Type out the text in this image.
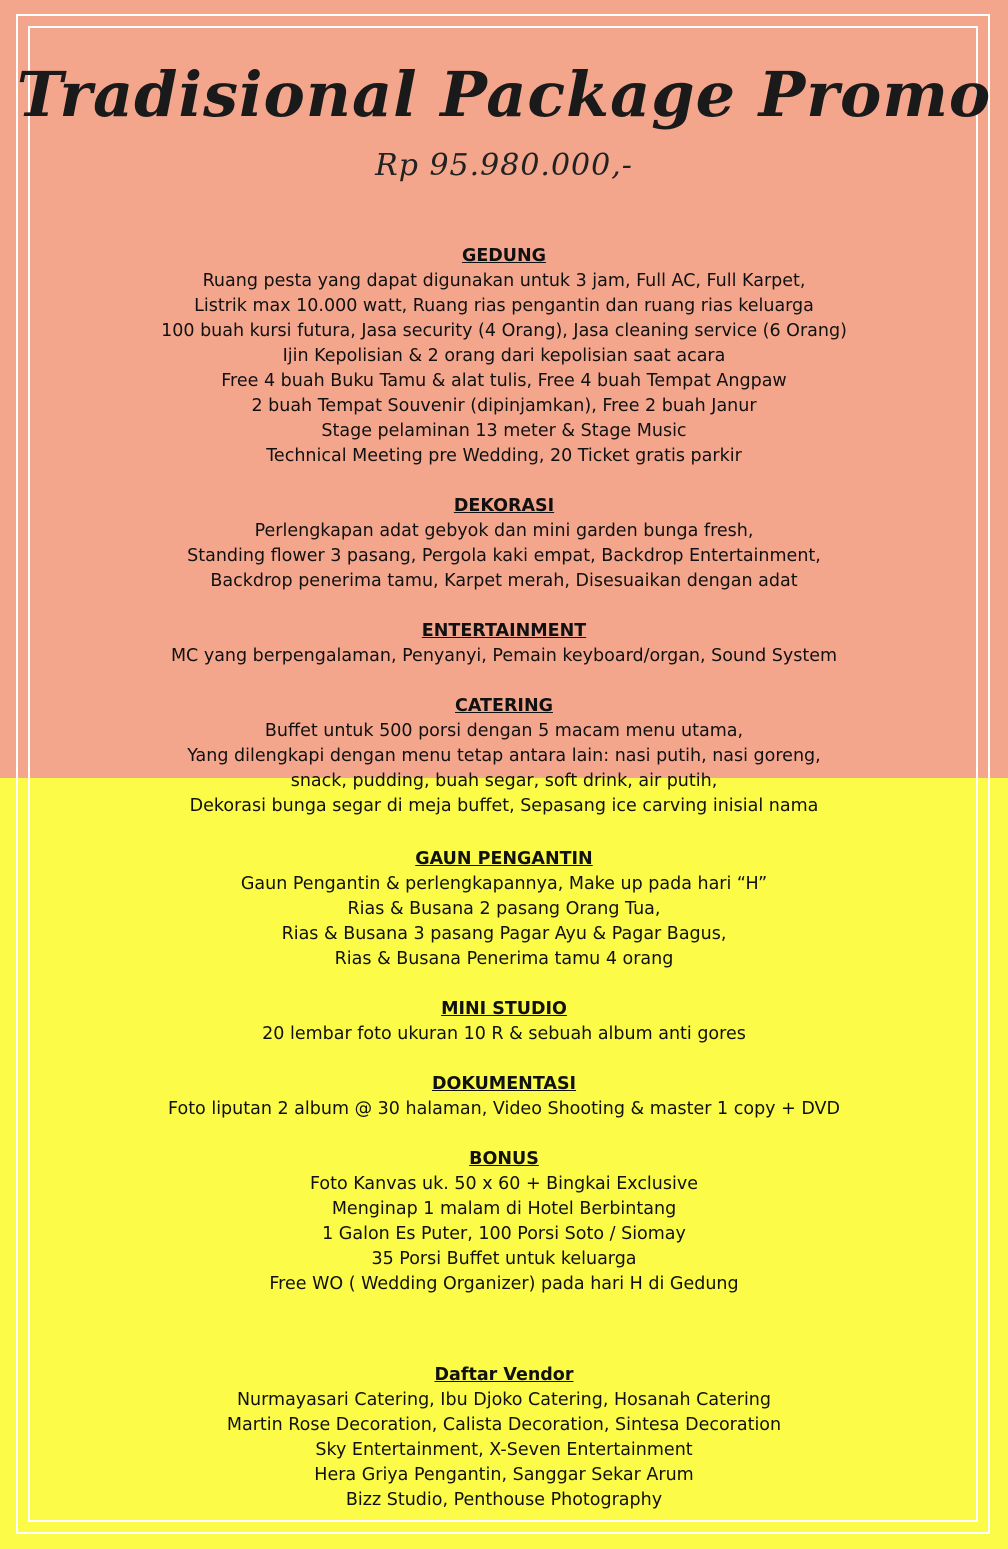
Tradisional Package Promo

Rp 95.980.000,-

GEDUNG
Ruang pesta yang dapat digunakan untuk 3 jam, Full AC, Full Karpet,
Listrik max 10.000 watt, Ruang rias pengantin dan ruang rias keluarga
100 buah kursi futura, Jasa security (4 Orang), Jasa cleaning service (6 Orang)
Ijin Kepolisian & 2 orang dari kepolisian saat acara
Free 4 buah Buku Tamu & alat tulis, Free 4 buah Tempat Angpaw
2 buah Tempat Souvenir (dipinjamkan), Free 2 buah Janur
Stage pelaminan 13 meter & Stage Music
Technical Meeting pre Wedding, 20 Ticket gratis parkir
DEKORASI
Perlengkapan adat gebyok dan mini garden bunga fresh,
Standing flower 3 pasang, Pergola kaki empat, Backdrop Entertainment,
Backdrop penerima tamu, Karpet merah, Disesuaikan dengan adat
ENTERTAINMENT
MC yang berpengalaman, Penyanyi, Pemain keyboard/organ, Sound System
CATERING
Buffet untuk 500 porsi dengan 5 macam menu utama,
Yang dilengkapi dengan menu tetap antara lain: nasi putih, nasi goreng,
snack, pudding, buah segar, soft drink, air putih,
Dekorasi bunga segar di meja buffet, Sepasang ice carving inisial nama
GAUN PENGANTIN
Gaun Pengantin & perlengkapannya, Make up pada hari “H”
Rias & Busana 2 pasang Orang Tua,
Rias & Busana 3 pasang Pagar Ayu & Pagar Bagus,
Rias & Busana Penerima tamu 4 orang
MINI STUDIO
20 lembar foto ukuran 10 R & sebuah album anti gores
DOKUMENTASI
Foto liputan 2 album @ 30 halaman, Video Shooting & master 1 copy + DVD
BONUS
Foto Kanvas uk. 50 x 60 + Bingkai Exclusive
Menginap 1 malam di Hotel Berbintang
1 Galon Es Puter, 100 Porsi Soto / Siomay
35 Porsi Buffet untuk keluarga
Free WO ( Wedding Organizer) pada hari H di Gedung
Daftar Vendor
Nurmayasari Catering, Ibu Djoko Catering, Hosanah Catering
Martin Rose Decoration, Calista Decoration, Sintesa Decoration
Sky Entertainment, X-Seven Entertainment
Hera Griya Pengantin, Sanggar Sekar Arum
Bizz Studio, Penthouse Photography
